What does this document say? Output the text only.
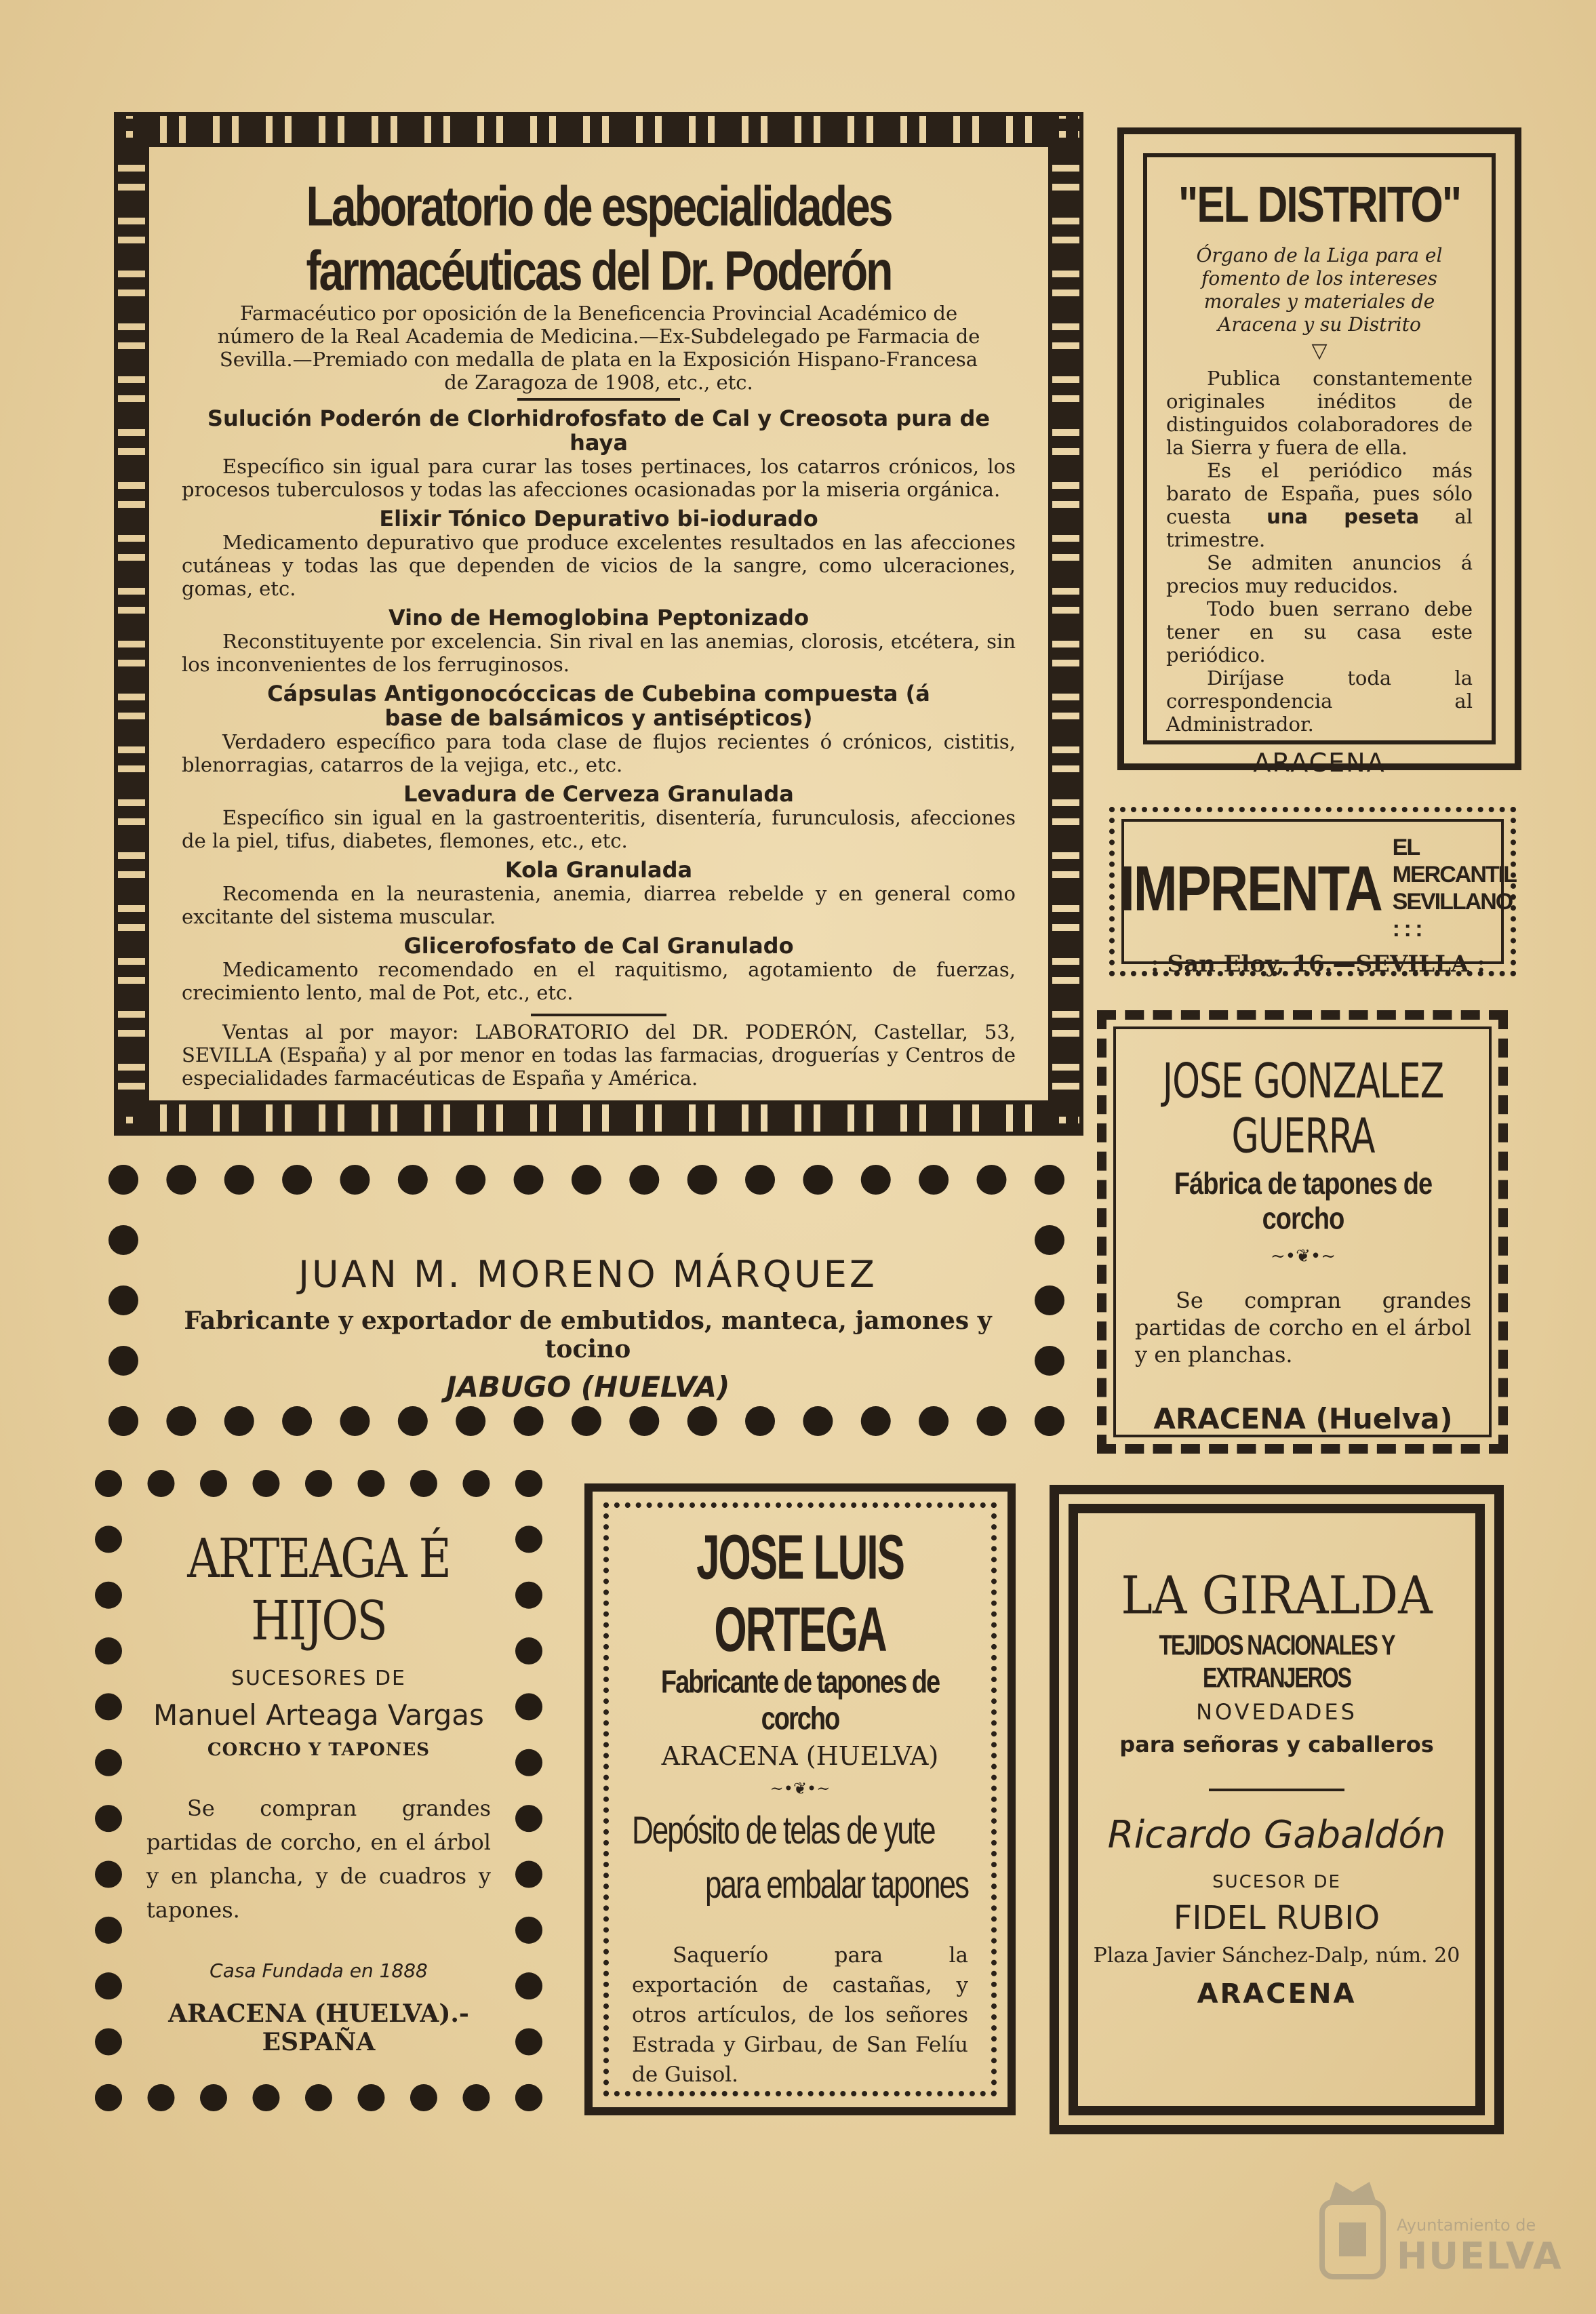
Laboratorio de especialidades farmacéuticas del Dr. Poderón

Farmacéutico por oposición de la Beneficencia Provincial Académico de número de la Real Academia de Medicina.—Ex-Subdelegado pe Farmacia de Sevilla.—Premiado con medalla de plata en la Exposición Hispano-Francesa de Zaragoza de 1908, etc., etc.

Sulución Poderón de Clorhidrofosfato de Cal y Creosota pura de haya

Específico sin igual para curar las toses pertinaces, los catarros crónicos, los procesos tuberculosos y todas las afecciones ocasionadas por la miseria orgánica.

Elixir Tónico Depurativo bi-iodurado

Medicamento depurativo que produce excelentes resultados en las afecciones cutáneas y todas las que dependen de vicios de la sangre, como ulceraciones, gomas, etc.

Vino de Hemoglobina Peptonizado

Reconstituyente por excelencia. Sin rival en las anemias, clorosis, etcétera, sin los inconvenientes de los ferruginosos.

Cápsulas Antigonocóccicas de Cubebina compuesta (á base de balsámicos y antisépticos)

Verdadero específico para toda clase de flujos recientes ó crónicos, cistitis, blenorragias, catarros de la vejiga, etc., etc.

Levadura de Cerveza Granulada

Específico sin igual en la gastroenteritis, disentería, furunculosis, afecciones de la piel, tifus, diabetes, flemones, etc., etc.

Kola Granulada

Recomenda en la neurastenia, anemia, diarrea rebelde y en general como excitante del sistema muscular.

Glicerofosfato de Cal Granulado

Medicamento recomendado en el raquitismo, agotamiento de fuerzas, crecimiento lento, mal de Pot, etc., etc.

Ventas al por mayor: LABORATORIO del DR. PODERÓN, Castellar, 53, SEVILLA (España) y al por menor en todas las farmacias, droguerías y Centros de especialidades farmacéuticas de España y América.

"EL DISTRITO"

Órgano de la Liga para el fomento de los intereses morales y materiales de Aracena y su Distrito

▽

Publica constantemente originales inéditos de distinguidos colaboradores de la Sierra y fuera de ella.

Es el periódico más barato de España, pues sólo cuesta una peseta al trimestre.

Se admiten anuncios á precios muy reducidos.

Todo buen serrano debe tener en su casa este periódico.

Diríjase toda la correspondencia al Administrador.

ARACENA
IMPRENTA
EL MERCANTIL
SEVILLANO : : :
: San Eloy, 16.—SEVILLA :
JUAN M. MORENO MÁRQUEZ
Fabricante y exportador de embutidos, manteca, jamones y tocino
JABUGO (HUELVA)
JOSE GONZALEZ GUERRA
Fábrica de tapones de corcho
~•❦•~

Se compran grandes partidas de corcho en el árbol y en planchas.

ARACENA (Huelva)
ARTEAGA É HIJOS
SUCESORES DE
Manuel Arteaga Vargas
CORCHO Y TAPONES

Se compran grandes partidas de corcho, en el árbol y en plancha, y de cuadros y tapones.

Casa Fundada en 1888
ARACENA (HUELVA).-ESPAÑA
JOSE LUIS ORTEGA
Fabricante de tapones de corcho
ARACENA (HUELVA)
~•❦•~
Depósito de telas de yute
para embalar tapones

Saquerío para la exportación de castañas, y otros artículos, de los señores Estrada y Girbau, de San Felíu de Guisol.

LA GIRALDA
TEJIDOS NACIONALES Y EXTRANJEROS
NOVEDADES
para señoras y caballeros
Ricardo Gabaldón
SUCESOR DE
FIDEL RUBIO
Plaza Javier Sánchez-Dalp, núm. 20
ARACENA
Ayuntamiento de
HUELVA
